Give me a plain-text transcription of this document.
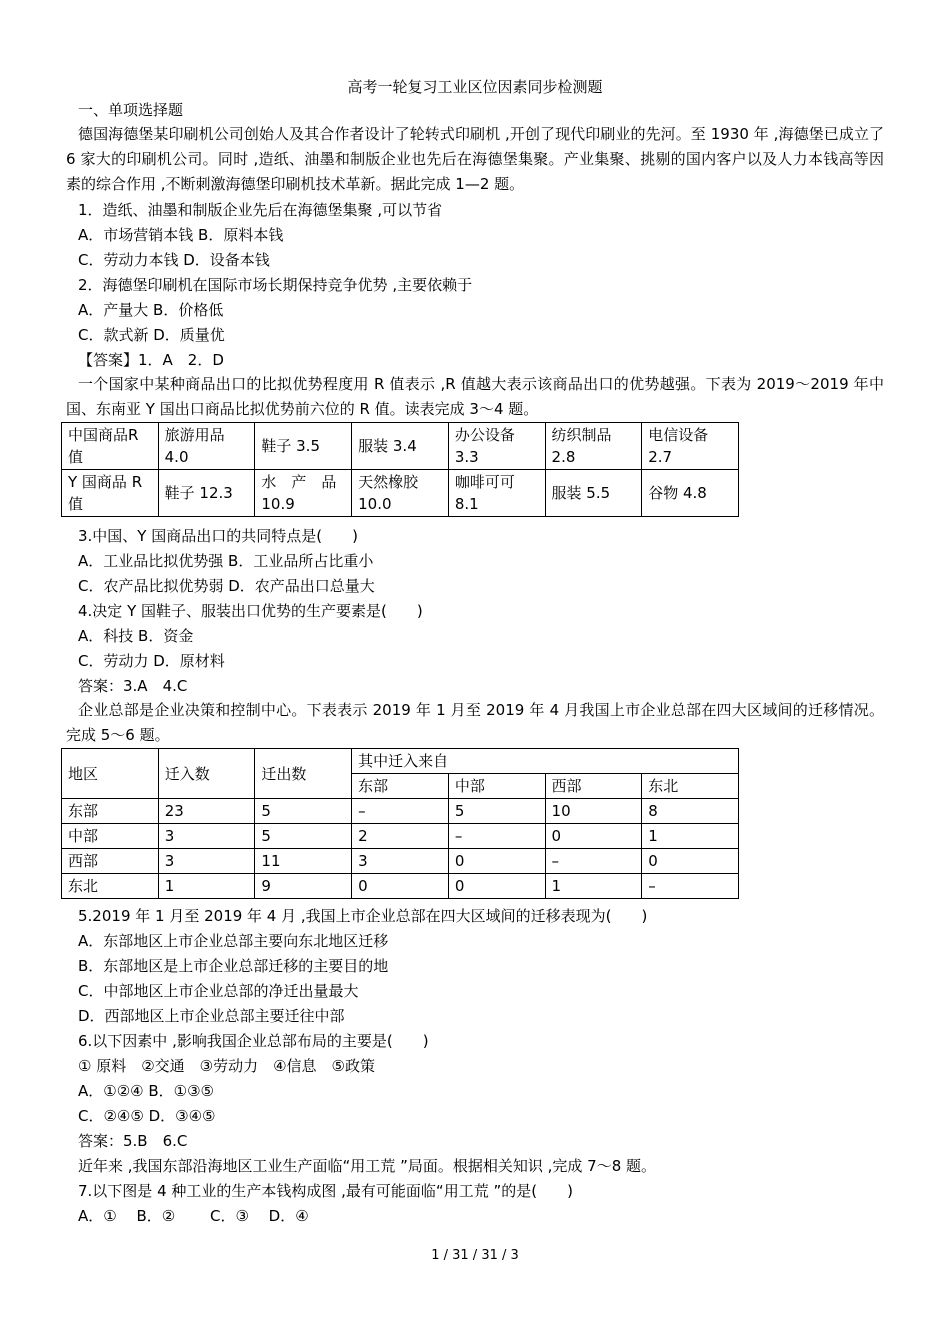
高考一轮复习工业区位因素同步检测题
一、单项选择题
德国海德堡某印刷机公司创始人及其合作者设计了轮转式印刷机 ,开创了现代印刷业的先河。至 1930 年 ,海德堡已成立了 6 家大的印刷机公司。同时 ,造纸、油墨和制版企业也先后在海德堡集聚。产业集聚、挑剔的国内客户以及人力本钱高等因素的综合作用 ,不断刺激海德堡印刷机技术革新。据此完成 1—2 题。
1．造纸、油墨和制版企业先后在海德堡集聚 ,可以节省
A．市场营销本钱 B．原料本钱
C．劳动力本钱 D．设备本钱
2．海德堡印刷机在国际市场长期保持竞争优势 ,主要依赖于
A．产量大 B．价格低
C．款式新 D．质量优
【答案】1．A　2．D
一个国家中某种商品出口的比拟优势程度用 R 值表示 ,R 值越大表示该商品出口的优势越强。下表为 2019～2019 年中国、东南亚 Y 国出口商品比拟优势前六位的 R 值。读表完成 3～4 题。
中国商品R值	旅游用品4.0	鞋子 3.5	服装 3.4	办公设备3.3	纺织制品2.8	电信设备2.7
Y 国商品 R值	鞋子 12.3	水　产　品10.9	天然橡胶10.0	咖啡可可8.1	服装 5.5	谷物 4.8
3.中国、Y 国商品出口的共同特点是(　　)
A．工业品比拟优势强 B．工业品所占比重小
C．农产品比拟优势弱 D．农产品出口总量大
4.决定 Y 国鞋子、服装出口优势的生产要素是(　　)
A．科技 B．资金
C．劳动力 D．原材料
答案：3.A　4.C
企业总部是企业决策和控制中心。下表表示 2019 年 1 月至 2019 年 4 月我国上市企业总部在四大区域间的迁移情况。完成 5～6 题。
地区	迁入数	迁出数	其中迁入来自			
			东部	中部	西部	东北
东部	23	5	–	5	10	8
中部	3	5	2	–	0	1
西部	3	11	3	0	–	0
东北	1	9	0	0	1	–
5.2019 年 1 月至 2019 年 4 月 ,我国上市企业总部在四大区域间的迁移表现为(　　)
A．东部地区上市企业总部主要向东北地区迁移
B．东部地区是上市企业总部迁移的主要目的地
C．中部地区上市企业总部的净迁出量最大
D．西部地区上市企业总部主要迁往中部
6.以下因素中 ,影响我国企业总部布局的主要是(　　)
① 原料　②交通　③劳动力　④信息　⑤政策
A．①②④ B．①③⑤
C．②④⑤ D．③④⑤
答案：5.B　6.C
近年来 ,我国东部沿海地区工业生产面临“用工荒 ”局面。根据相关知识 ,完成 7～8 题。
7.以下图是 4 种工业的生产本钱构成图 ,最有可能面临“用工荒 ”的是(　　)
A．①　 B．②　　 C．③　 D．④
1 / 31 / 31 / 3
